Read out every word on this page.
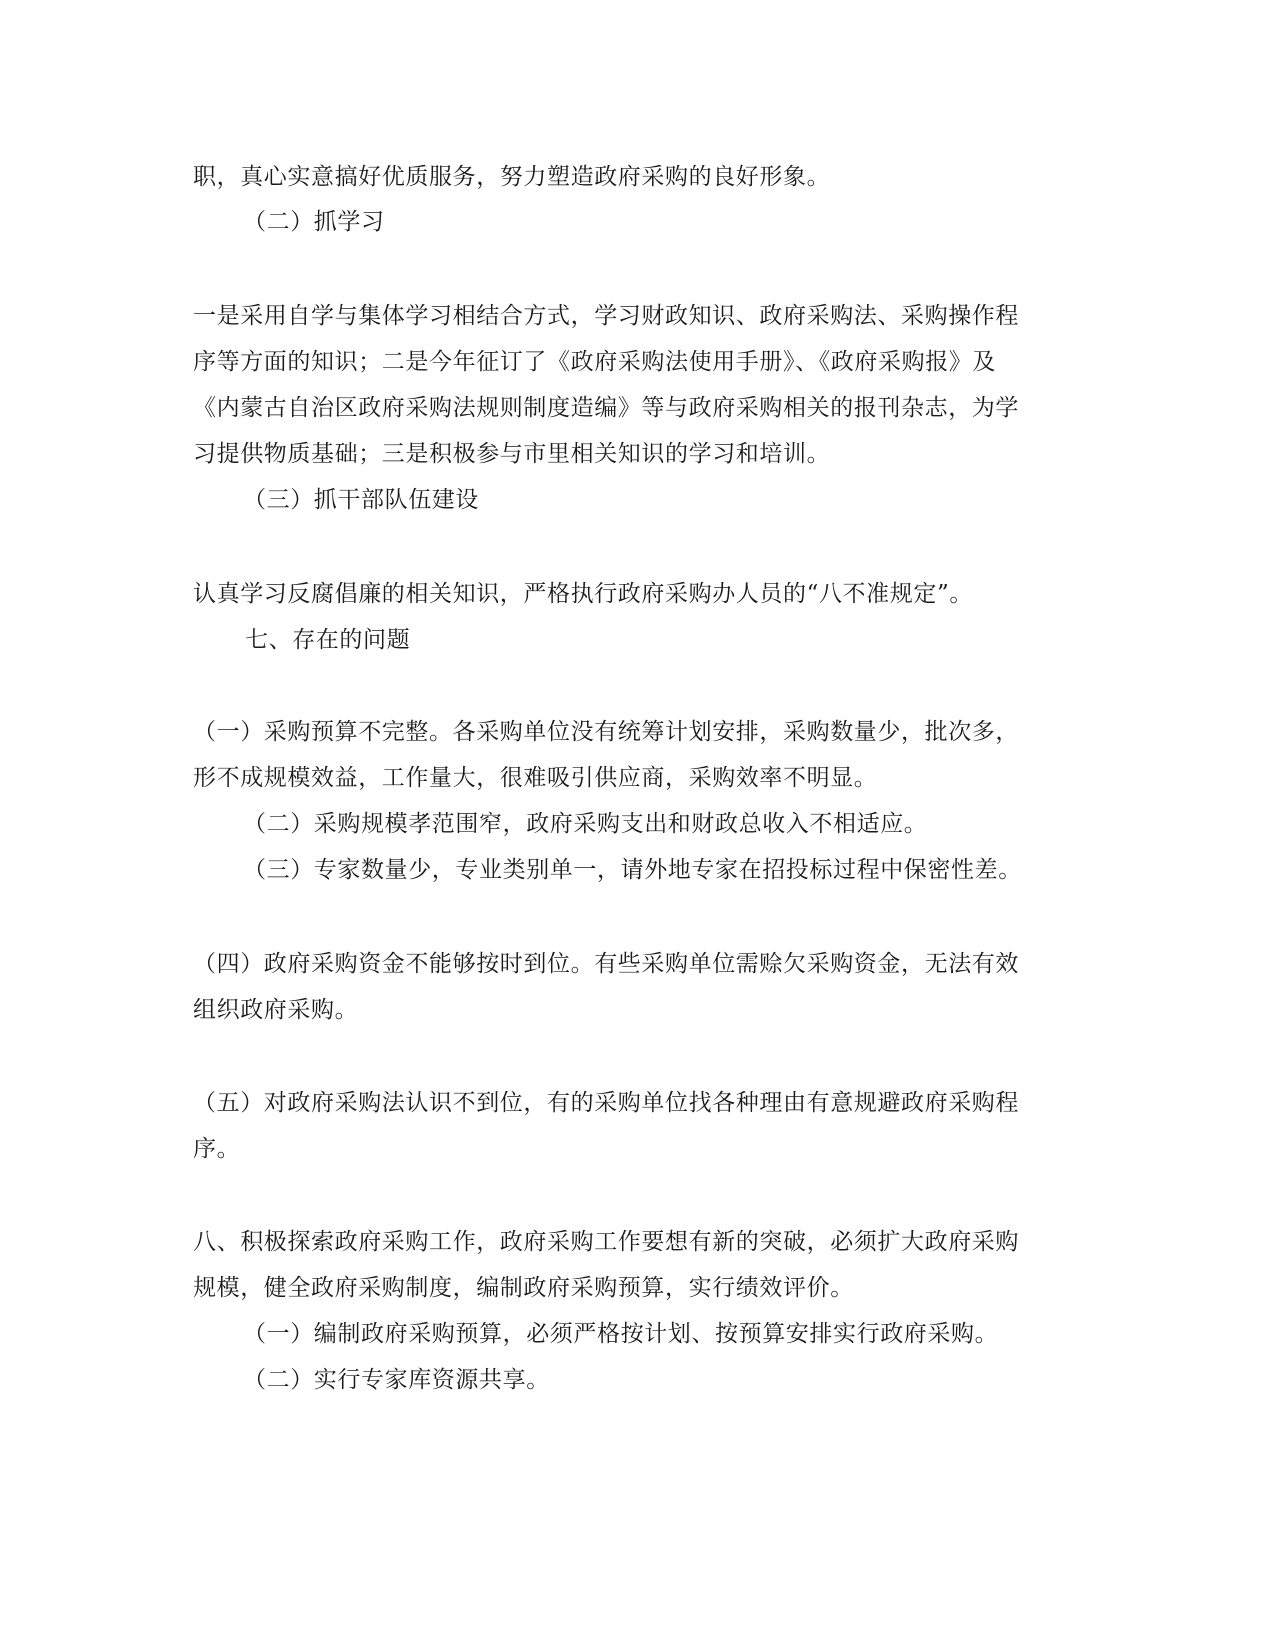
职，真心实意搞好优质服务，努力塑造政府采购的良好形象。
（二）抓学习
一是采用自学与集体学习相结合方式，学习财政知识、政府采购法、采购操作程
序等方面的知识；二是今年征订了《政府采购法使用手册》、《政府采购报》及
《内蒙古自治区政府采购法规则制度造编》等与政府采购相关的报刊杂志，为学
习提供物质基础；三是积极参与市里相关知识的学习和培训。
（三）抓干部队伍建设
认真学习反腐倡廉的相关知识，严格执行政府采购办人员的“八不准规定”。
七、存在的问题
（一）采购预算不完整。各采购单位没有统筹计划安排，采购数量少，批次多，
形不成规模效益，工作量大，很难吸引供应商，采购效率不明显。
（二）采购规模孝范围窄，政府采购支出和财政总收入不相适应。
（三）专家数量少，专业类别单一，请外地专家在招投标过程中保密性差。
（四）政府采购资金不能够按时到位。有些采购单位需赊欠采购资金，无法有效
组织政府采购。
（五）对政府采购法认识不到位，有的采购单位找各种理由有意规避政府采购程
序。
八、积极探索政府采购工作，政府采购工作要想有新的突破，必须扩大政府采购
规模，健全政府采购制度，编制政府采购预算，实行绩效评价。
（一）编制政府采购预算，必须严格按计划、按预算安排实行政府采购。
（二）实行专家库资源共享。
